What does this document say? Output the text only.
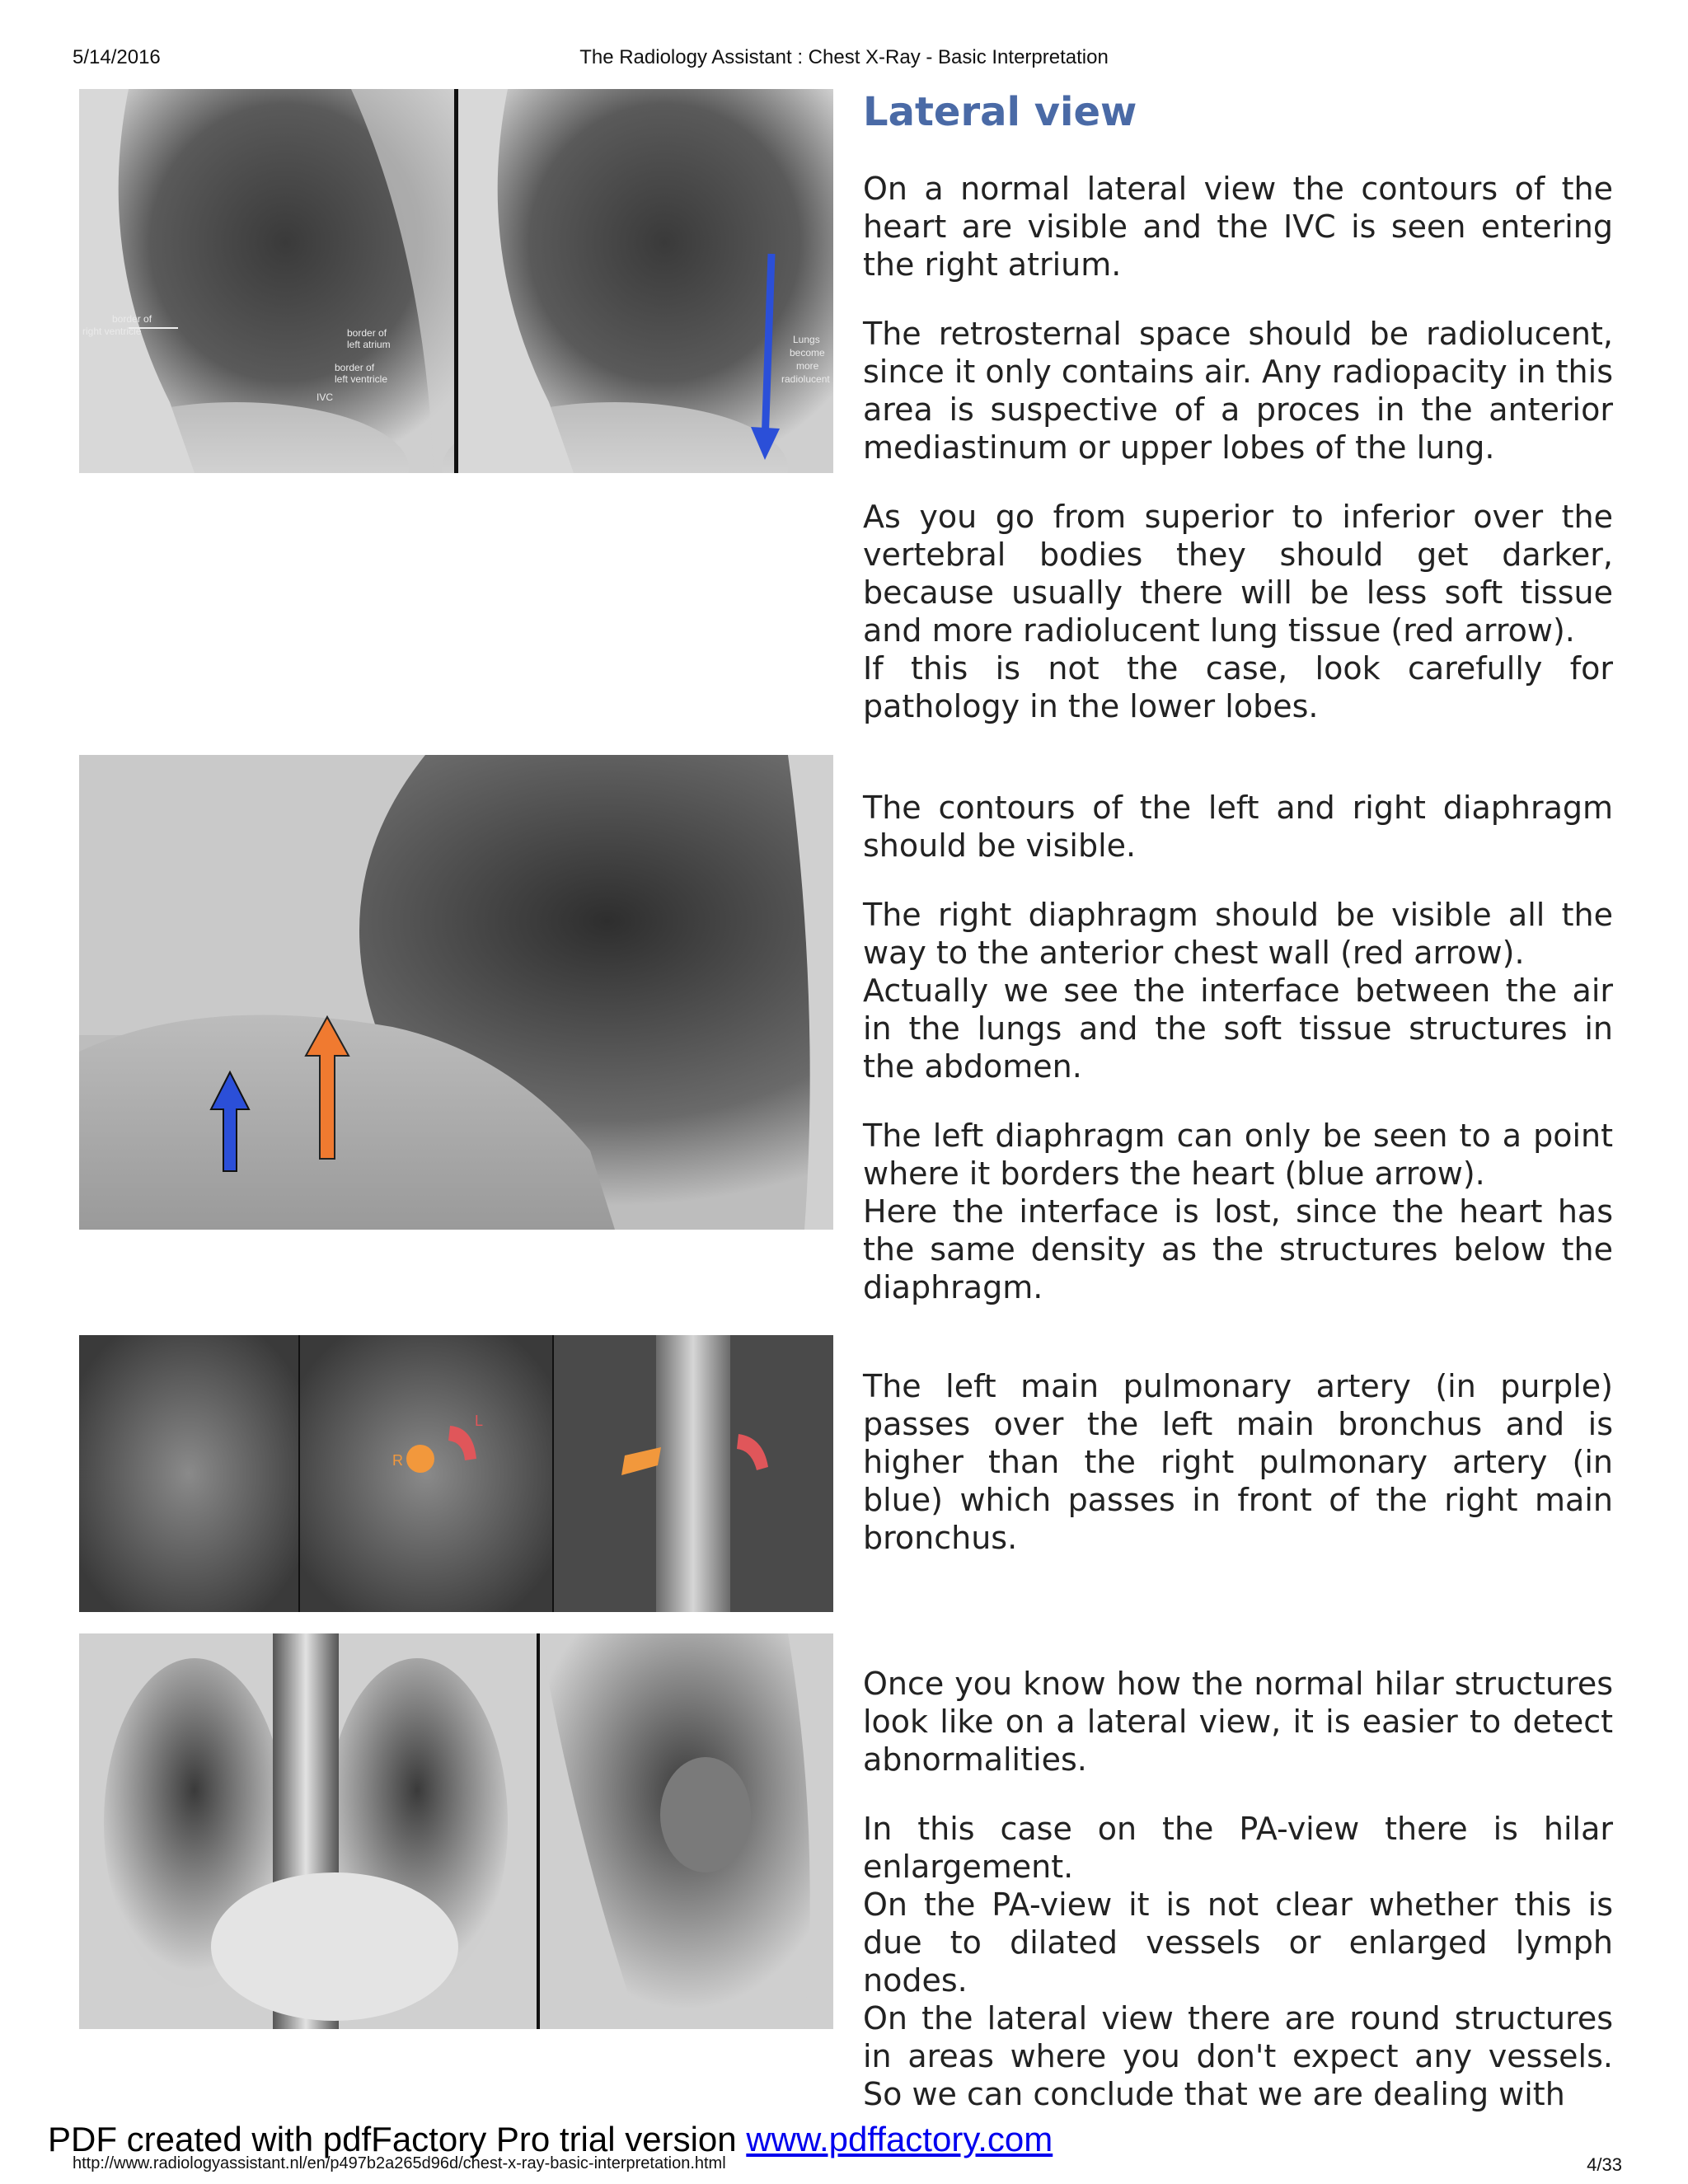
5/14/2016	The Radiology Assistant : Chest X-Ray - Basic Interpretation
border of
right ventricle	border of
left atrium
border of
left ventricle
IVC
Lungs
become
more
radiolucent
Lateral view

On a normal lateral view the contours of the heart are visible and the IVC is seen entering the right atrium.

The retrosternal space should be radiolucent, since it only contains air. Any radiopacity in this area is suspective of a proces in the anterior mediastinum or upper lobes of the lung.

As you go from superior to inferior over the vertebral bodies they should get darker, because usually there will be less soft tissue and more radiolucent lung tissue (red arrow).

If this is not the case, look carefully for pathology in the lower lobes.

The contours of the left and right diaphragm should be visible.

The right diaphragm should be visible all the way to the anterior chest wall (red arrow).

Actually we see the interface between the air in the lungs and the soft tissue structures in the abdomen.

The left diaphragm can only be seen to a point where it borders the heart (blue arrow).

Here the interface is lost, since the heart has the same density as the structures below the diaphragm.

R
L

The left main pulmonary artery (in purple) passes over the left main bronchus and is higher than the right pulmonary artery (in blue) which passes in front of the right main bronchus.

Once you know how the normal hilar structures look like on a lateral view, it is easier to detect abnormalities.

In this case on the PA-view there is hilar enlargement.

On the PA-view it is not clear whether this is due to dilated vessels or enlarged lymph nodes.

On the lateral view there are round structures in areas where you don't expect any vessels. So we can conclude that we are dealing with

http://www.radiologyassistant.nl/en/p497b2a265d96d/chest-x-ray-basic-interpretation.html	4/33
PDF created with pdfFactory Pro trial version www.pdffactory.com
